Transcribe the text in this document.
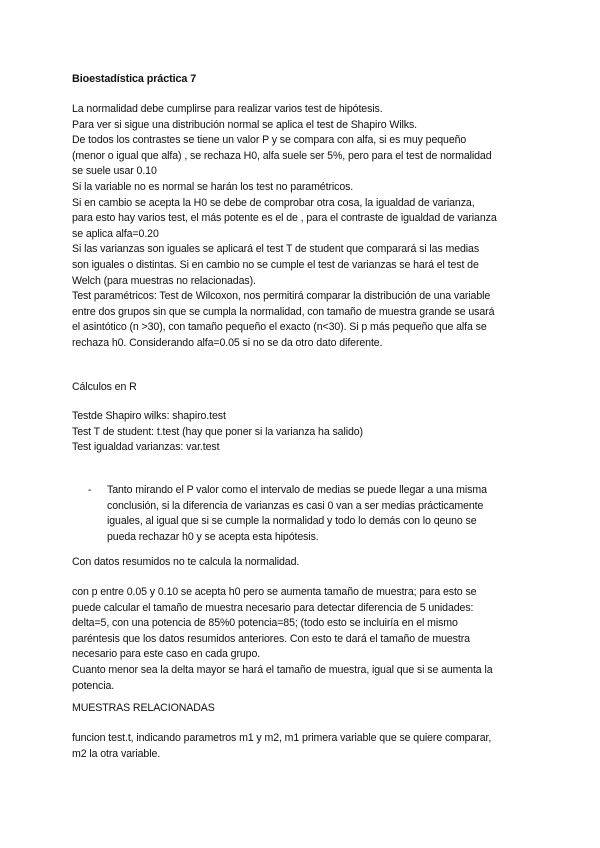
Bioestadística práctica 7
La normalidad debe cumplirse para realizar varios test de hipótesis.
Para ver si sigue una distribución normal se aplica el test de Shapiro Wilks.
De todos los contrastes se tiene un valor P y se compara con alfa, si es muy pequeño
(menor o igual que alfa) , se rechaza H0, alfa suele ser 5%, pero para el test de normalidad
se suele usar 0.10
Si la variable no es normal se harán los test no paramétricos.
Si en cambio se acepta la H0 se debe de comprobar otra cosa, la igualdad de varianza,
para esto hay varios test, el más potente es el de , para el contraste de igualdad de varianza
se aplica alfa=0.20
Si las varianzas son iguales se aplicará el test T de student que comparará si las medias
son iguales o distintas. Si en cambio no se cumple el test de varianzas se hará el test de
Welch (para muestras no relacionadas).
Test paramétricos: Test de Wilcoxon, nos permitirá comparar la distribución de una variable
entre dos grupos sin que se cumpla la normalidad, con tamaño de muestra grande se usará
el asintótico (n >30), con tamaño pequeño el exacto (n<30). Si p más pequeño que alfa se
rechaza h0. Considerando alfa=0.05 si no se da otro dato diferente.
Cálculos en R
Testde Shapiro wilks: shapiro.test
Test T de student: t.test (hay que poner si la varianza ha salido)
Test igualdad varianzas: var.test
- Tanto mirando el P valor como el intervalo de medias se puede llegar a una misma
conclusión, si la diferencia de varianzas es casi 0 van a ser medias prácticamente
iguales, al igual que si se cumple la normalidad y todo lo demás con lo qeuno se
pueda rechazar h0 y se acepta esta hipótesis.
Con datos resumidos no te calcula la normalidad.
con p entre 0.05 y 0.10 se acepta h0 pero se aumenta tamaño de muestra; para esto se
puede calcular el tamaño de muestra necesario para detectar diferencia de 5 unidades:
delta=5, con una potencia de 85%0 potencia=85; (todo esto se incluiría en el mismo
paréntesis que los datos resumidos anteriores. Con esto te dará el tamaño de muestra
necesario para este caso en cada grupo.
Cuanto menor sea la delta mayor se hará el tamaño de muestra, igual que si se aumenta la
potencia.
MUESTRAS RELACIONADAS
funcion test.t, indicando parametros m1 y m2, m1 primera variable que se quiere comparar,
m2 la otra variable.
